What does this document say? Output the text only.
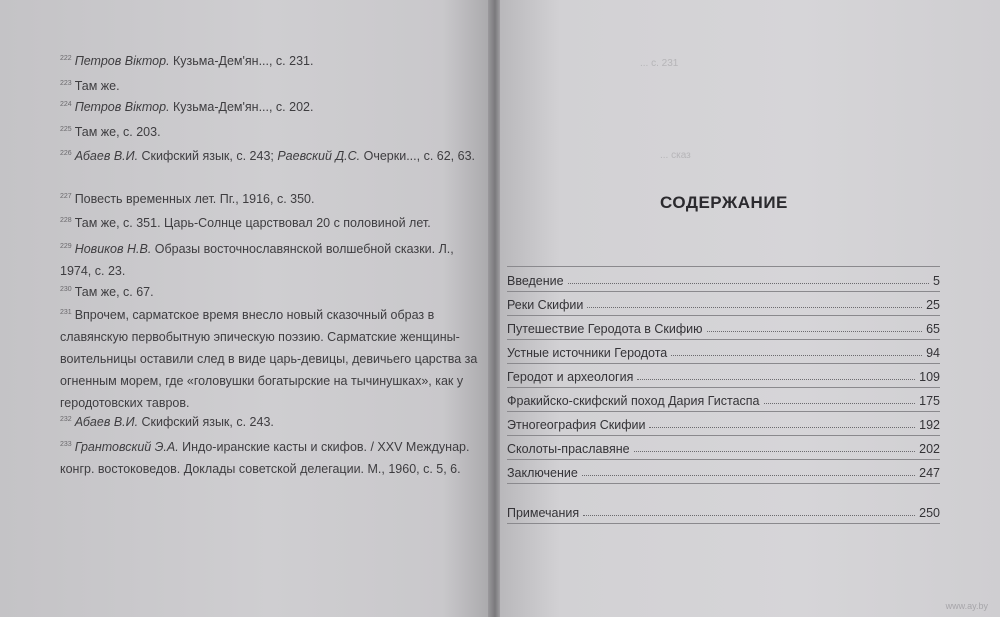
... с. 231
... сказ
$^{222}$ Петров Віктор. Кузьма-Дем'ян..., с. 231.
$^{223}$ Там же.
$^{224}$ Петров Віктор. Кузьма-Дем'ян..., с. 202.
$^{225}$ Там же, с. 203.
$^{226}$ Абаев В.И. Скифский язык, с. 243; Раевский Д.С. Очерки..., с. 62, 63.
$^{227}$ Повесть временных лет. Пг., 1916, с. 350.
$^{228}$ Там же, с. 351. Царь-Солнце царствовал 20 с половиной лет.
$^{229}$ Новиков Н.В. Образы восточнославянской волшебной сказки. Л., 1974, с. 23.
$^{230}$ Там же, с. 67.
$^{231}$ Впрочем, сарматское время внесло новый сказочный образ в славянскую первобытную эпическую поэзию. Сарматские женщины-воительницы оставили след в виде царь-девицы, девичьего царства за огненным морем, где «головушки богатырские на тычинушках», как у геродотовских тавров.
$^{232}$ Абаев В.И. Скифский язык, с. 243.
$^{233}$ Грантовский Э.А. Индо-иранские касты и скифов. / XXV Междунар. конгр. востоковедов. Доклады советской делегации. М., 1960, с. 5, 6.
СОДЕРЖАНИЕ
Введение	5
Реки Скифии	25
Путешествие Геродота в Скифию	65
Устные источники Геродота	94
Геродот и археология	109
Фракийско-скифский поход Дария Гистаспа	175
Этногеография Скифии	192
Сколоты-праславяне	202
Заключение	247
Примечания	250
www.ay.by
